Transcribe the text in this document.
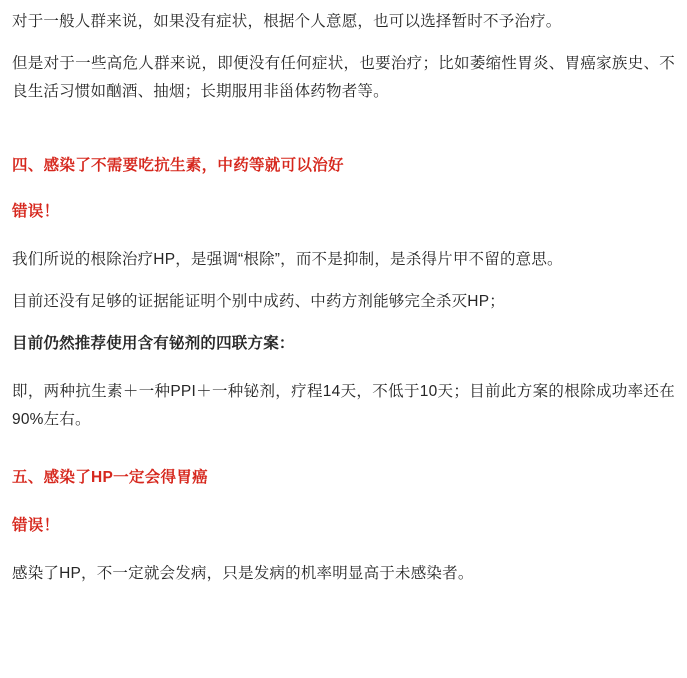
对于一般人群来说，如果没有症状，根据个人意愿，也可以选择暂时不予治疗。

但是对于一些高危人群来说，即便没有任何症状，也要治疗；比如萎缩性胃炎、胃癌家族史、不良生活习惯如酗酒、抽烟；长期服用非甾体药物者等。

四、感染了不需要吃抗生素，中药等就可以治好

错误！

我们所说的根除治疗HP，是强调“根除”，而不是抑制，是杀得片甲不留的意思。

目前还没有足够的证据能证明个别中成药、中药方剂能够完全杀灭HP；

目前仍然推荐使用含有铋剂的四联方案：

即，两种抗生素＋一种PPI＋一种铋剂，疗程14天，不低于10天；目前此方案的根除成功率还在90%左右。

五、感染了HP一定会得胃癌

错误！

感染了HP，不一定就会发病，只是发病的机率明显高于未感染者。
